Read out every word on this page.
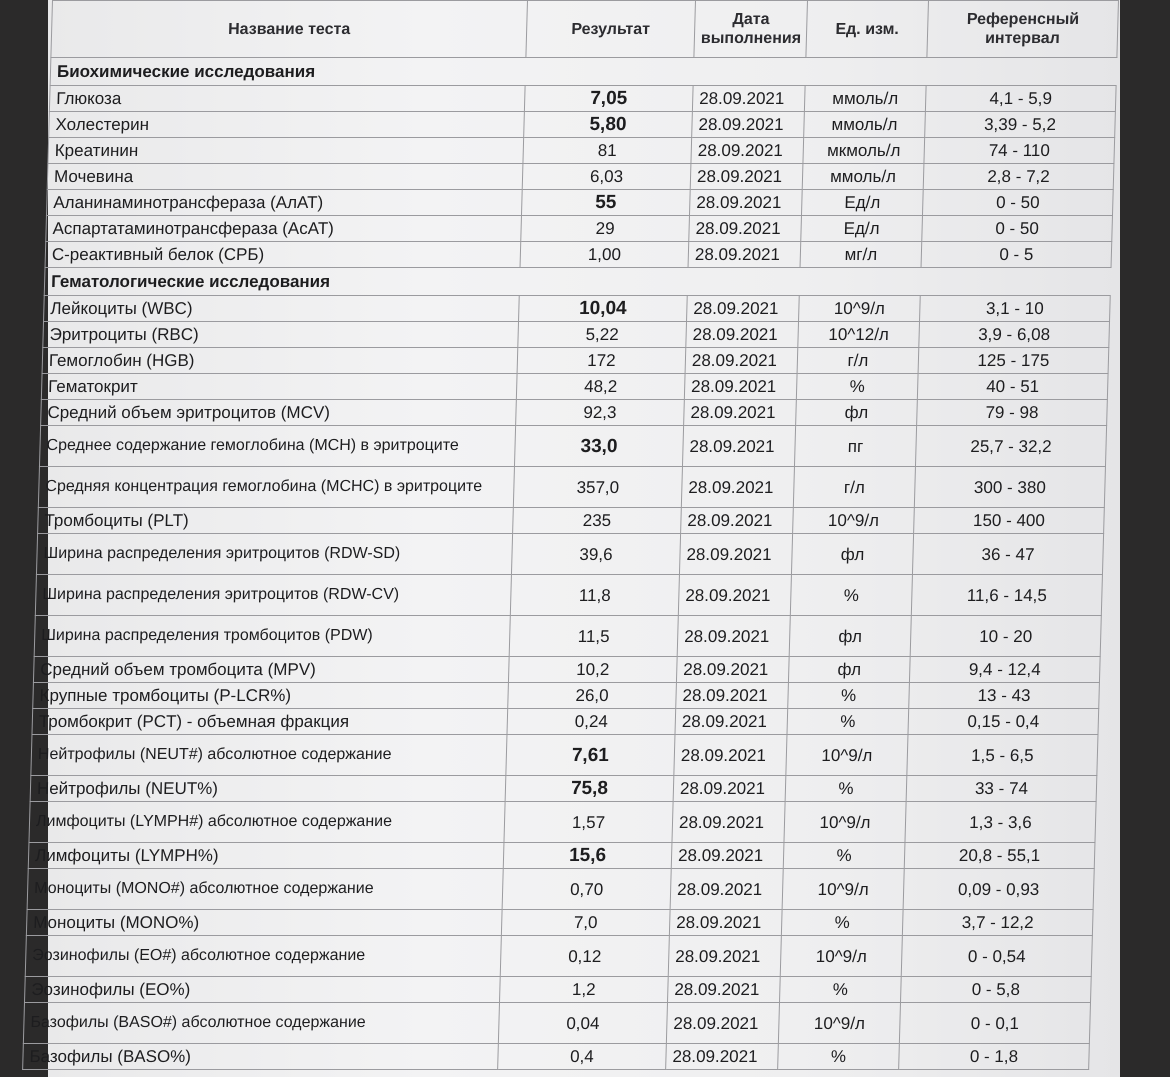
Название теста	Результат	Дата выполнения	Ед. изм.	Референсный интервал
Биохимические исследования				
Глюкоза	7,05	28.09.2021	ммоль/л	4,1 - 5,9
Холестерин	5,80	28.09.2021	ммоль/л	3,39 - 5,2
Креатинин	81	28.09.2021	мкмоль/л	74 - 110
Мочевина	6,03	28.09.2021	ммоль/л	2,8 - 7,2
Аланинаминотрансфераза (АлАТ)	55	28.09.2021	Ед/л	0 - 50
Аспартатаминотрансфераза (АсАТ)	29	28.09.2021	Ед/л	0 - 50
С-реактивный белок (СРБ)	1,00	28.09.2021	мг/л	0 - 5
Гематологические исследования				
Лейкоциты (WBC)	10,04	28.09.2021	10^9/л	3,1 - 10
Эритроциты (RBC)	5,22	28.09.2021	10^12/л	3,9 - 6,08
Гемоглобин (HGB)	172	28.09.2021	г/л	125 - 175
Гематокрит	48,2	28.09.2021	%	40 - 51
Средний объем эритроцитов (MCV)	92,3	28.09.2021	фл	79 - 98
Среднее содержание гемоглобина (MCH) в эритроците	33,0	28.09.2021	пг	25,7 - 32,2
Средняя концентрация гемоглобина (MCHC) в эритроците	357,0	28.09.2021	г/л	300 - 380
Тромбоциты (PLT)	235	28.09.2021	10^9/л	150 - 400
Ширина распределения эритроцитов (RDW-SD)	39,6	28.09.2021	фл	36 - 47
Ширина распределения эритроцитов (RDW-CV)	11,8	28.09.2021	%	11,6 - 14,5
Ширина распределения тромбоцитов (PDW)	11,5	28.09.2021	фл	10 - 20
Средний объем тромбоцита (MPV)	10,2	28.09.2021	фл	9,4 - 12,4
Крупные тромбоциты (P-LCR%)	26,0	28.09.2021	%	13 - 43
Тромбокрит (PCT) - объемная фракция	0,24	28.09.2021	%	0,15 - 0,4
Нейтрофилы (NEUT#) абсолютное содержание	7,61	28.09.2021	10^9/л	1,5 - 6,5
Нейтрофилы (NEUT%)	75,8	28.09.2021	%	33 - 74
Лимфоциты (LYMPH#) абсолютное содержание	1,57	28.09.2021	10^9/л	1,3 - 3,6
Лимфоциты (LYMPH%)	15,6	28.09.2021	%	20,8 - 55,1
Моноциты (MONO#) абсолютное содержание	0,70	28.09.2021	10^9/л	0,09 - 0,93
Моноциты (MONO%)	7,0	28.09.2021	%	3,7 - 12,2
Эозинофилы (EO#) абсолютное содержание	0,12	28.09.2021	10^9/л	0 - 0,54
Эозинофилы (EO%)	1,2	28.09.2021	%	0 - 5,8
Базофилы (BASO#) абсолютное содержание	0,04	28.09.2021	10^9/л	0 - 0,1
Базофилы (BASO%)	0,4	28.09.2021	%	0 - 1,8
